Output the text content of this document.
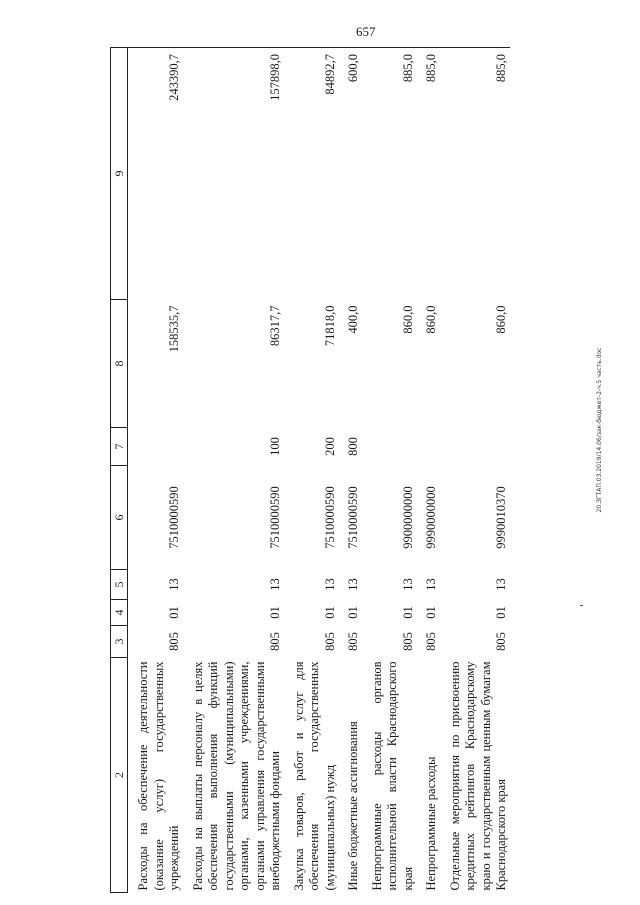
657
20.ЗГТАП.03.2019/14.06/зак-бюджет-2-ч.5 часть.doc
2	3	4	5	6	7	8	9
Расходы на обеспечение деятельности (оказание услуг) государственных учреждений	805	01	13	7510000590		158535,7	243390,7
Расходы на выплаты персоналу в целях обеспечения выполнения функций государственными (муниципальными) органами, казенными учреждениями, органами управления государственными внебюджетными фондами	805	01	13	7510000590	100	86317,7	157898,0
Закупка товаров, работ и услуг для обеспечения государственных (муниципальных) нужд	805	01	13	7510000590	200	71818,0	84892,7
Иные бюджетные ассигнования	805	01	13	7510000590	800	400,0	600,0
Непрограммные расходы органов исполнительной власти Краснодарского края	805	01	13	9900000000		860,0	885,0
Непрограммные расходы	805	01	13	9990000000		860,0	885,0
Отдельные мероприятия по присвоению кредитных рейтингов Краснодарскому краю и государственным ценным бумагам Краснодарского края	805	01	13	9990010370		860,0	885,0
